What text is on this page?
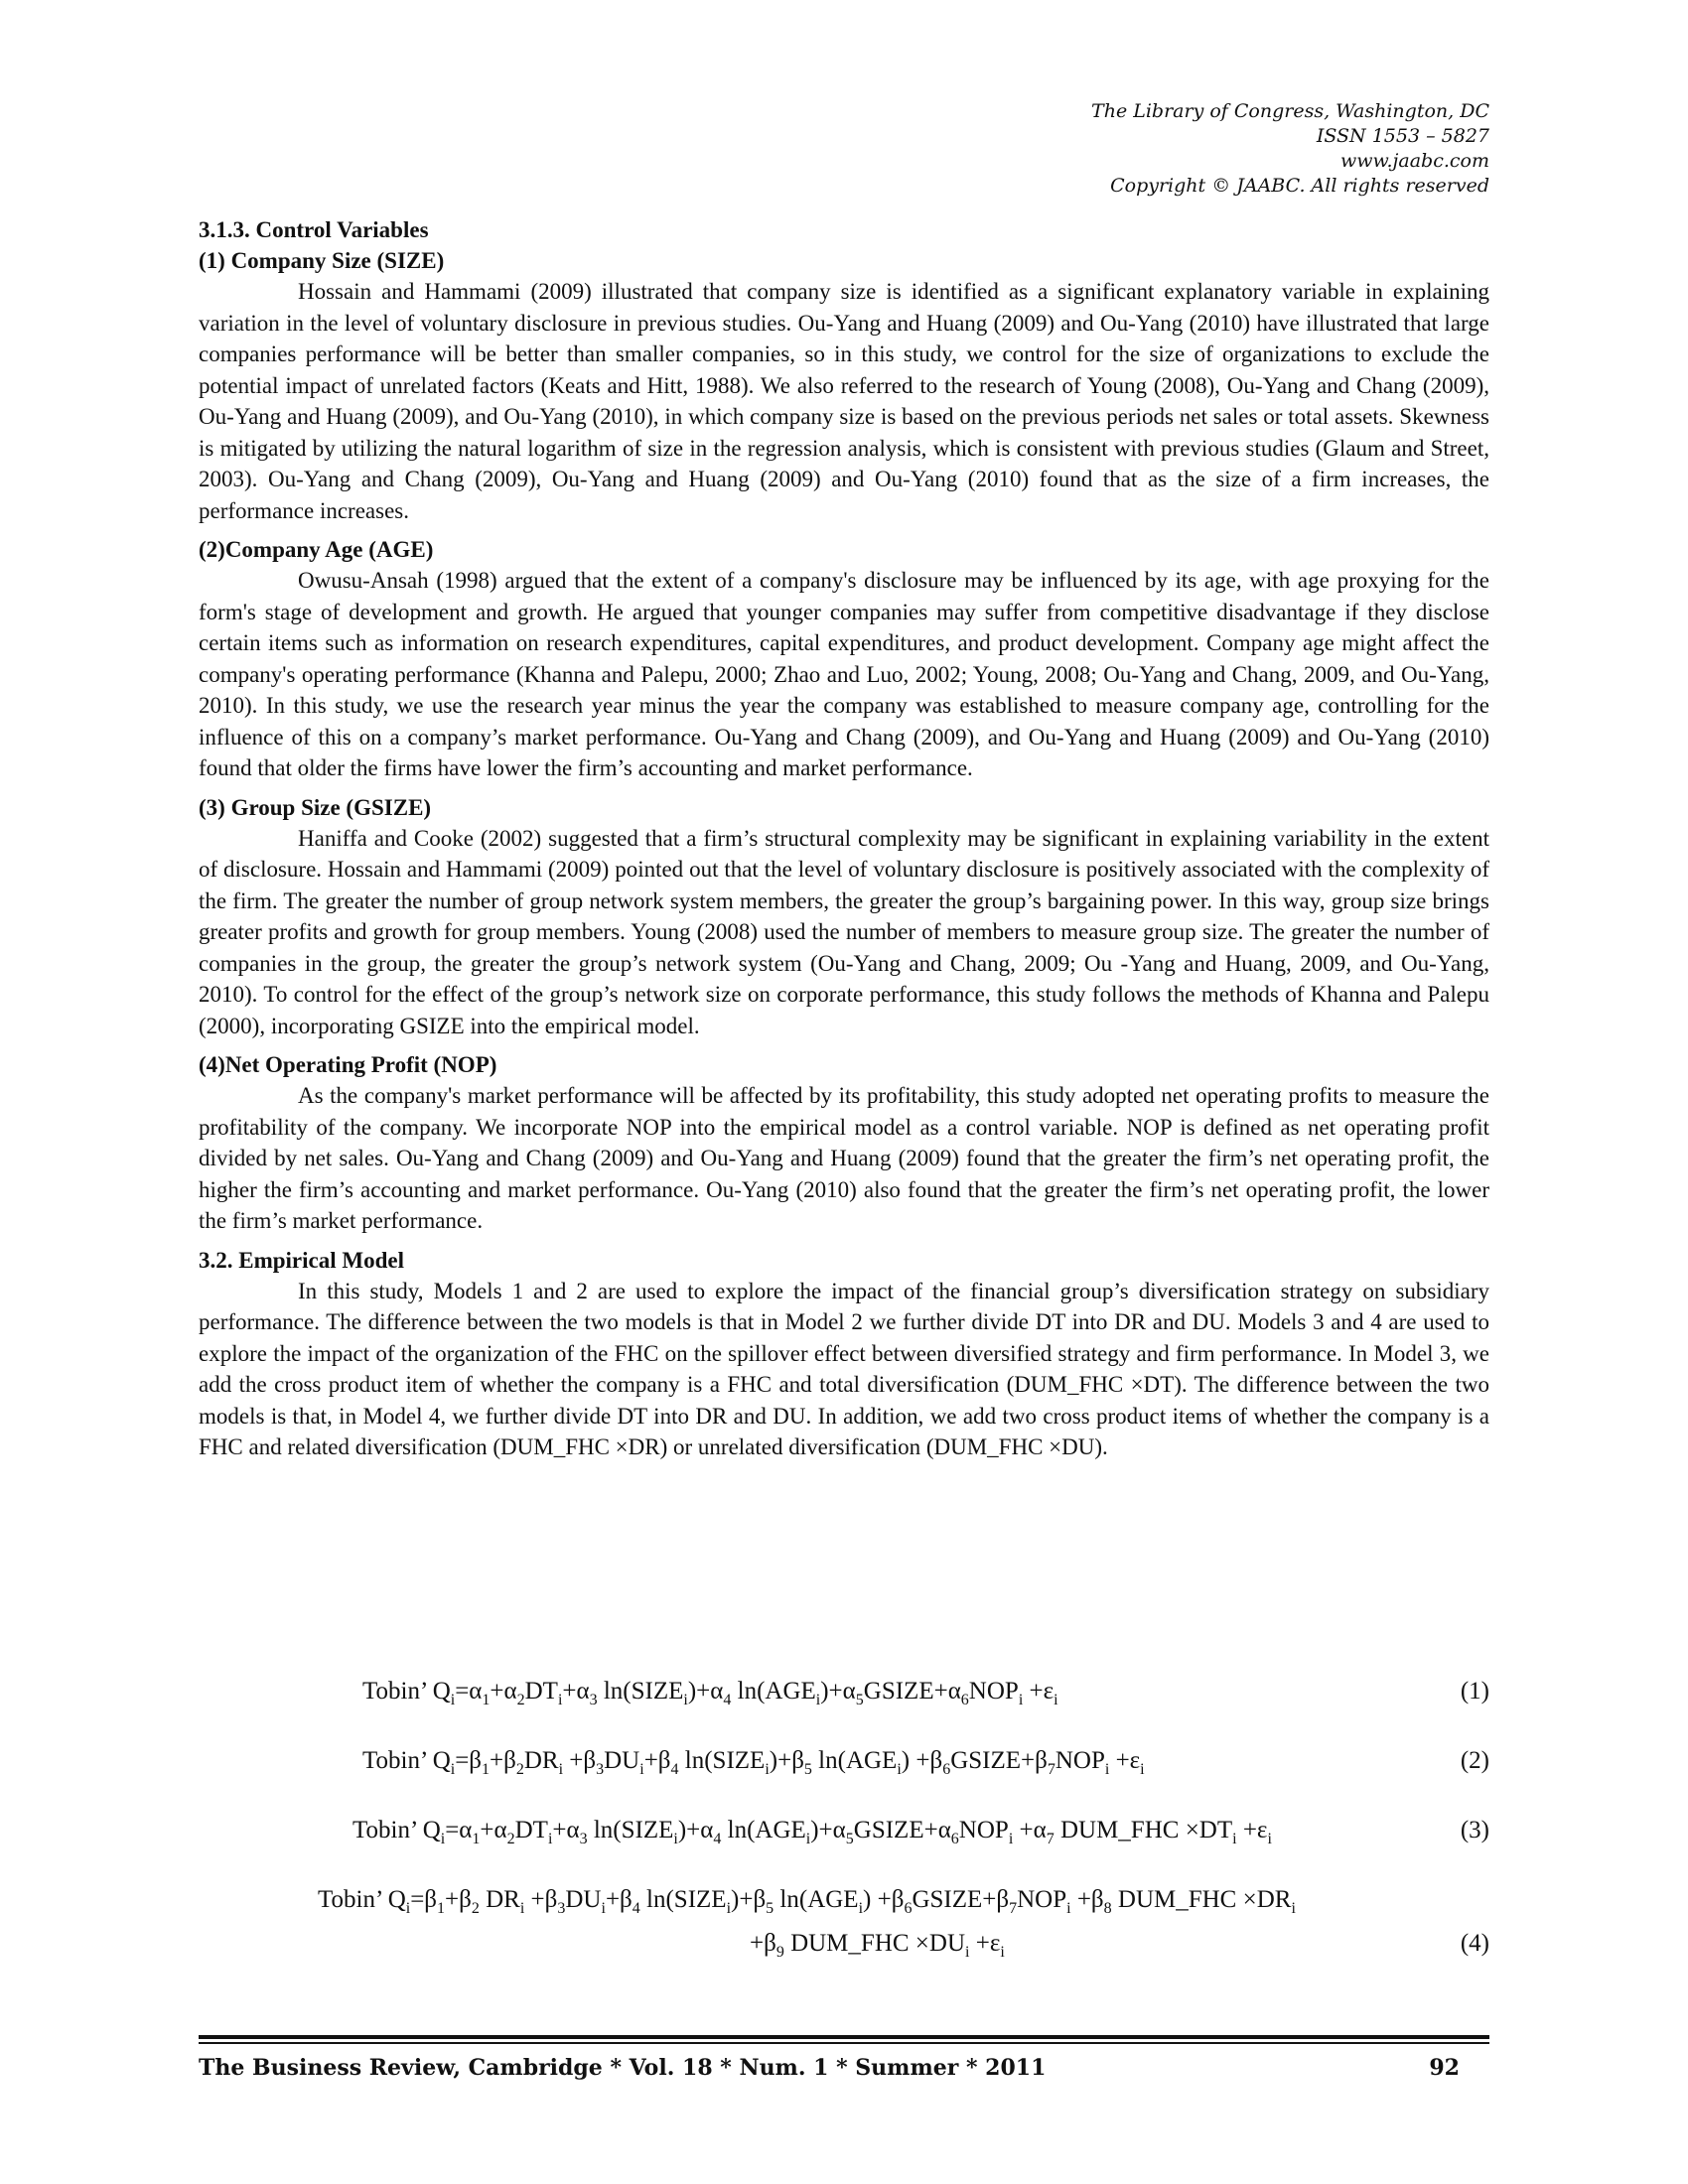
The Library of Congress, Washington, DC
ISSN 1553 – 5827
www.jaabc.com
Copyright © JAABC. All rights reserved
3.1.3. Control Variables
(1) Company Size (SIZE)

Hossain and Hammami (2009) illustrated that company size is identified as a significant explanatory variable in explaining variation in the level of voluntary disclosure in previous studies. Ou-Yang and Huang (2009) and Ou-Yang (2010) have illustrated that large companies performance will be better than smaller companies, so in this study, we control for the size of organizations to exclude the potential impact of unrelated factors (Keats and Hitt, 1988). We also referred to the research of Young (2008), Ou-Yang and Chang (2009), Ou-Yang and Huang (2009), and Ou-Yang (2010), in which company size is based on the previous periods net sales or total assets. Skewness is mitigated by utilizing the natural logarithm of size in the regression analysis, which is consistent with previous studies (Glaum and Street, 2003). Ou-Yang and Chang (2009), Ou-Yang and Huang (2009) and Ou-Yang (2010) found that as the size of a firm increases, the performance increases.

(2)Company Age (AGE)

Owusu-Ansah (1998) argued that the extent of a company's disclosure may be influenced by its age, with age proxying for the form's stage of development and growth. He argued that younger companies may suffer from competitive disadvantage if they disclose certain items such as information on research expenditures, capital expenditures, and product development. Company age might affect the company's operating performance (Khanna and Palepu, 2000; Zhao and Luo, 2002; Young, 2008; Ou-Yang and Chang, 2009, and Ou-Yang, 2010). In this study, we use the research year minus the year the company was established to measure company age, controlling for the influence of this on a company’s market performance. Ou-Yang and Chang (2009), and Ou-Yang and Huang (2009) and Ou-Yang (2010) found that older the firms have lower the firm’s accounting and market performance.

(3) Group Size (GSIZE)

Haniffa and Cooke (2002) suggested that a firm’s structural complexity may be significant in explaining variability in the extent of disclosure. Hossain and Hammami (2009) pointed out that the level of voluntary disclosure is positively associated with the complexity of the firm. The greater the number of group network system members, the greater the group’s bargaining power. In this way, group size brings greater profits and growth for group members. Young (2008) used the number of members to measure group size. The greater the number of companies in the group, the greater the group’s network system (Ou-Yang and Chang, 2009; Ou -Yang and Huang, 2009, and Ou-Yang, 2010). To control for the effect of the group’s network size on corporate performance, this study follows the methods of Khanna and Palepu (2000), incorporating GSIZE into the empirical model.

(4)Net Operating Profit (NOP)

As the company's market performance will be affected by its profitability, this study adopted net operating profits to measure the profitability of the company. We incorporate NOP into the empirical model as a control variable. NOP is defined as net operating profit divided by net sales. Ou-Yang and Chang (2009) and Ou-Yang and Huang (2009) found that the greater the firm’s net operating profit, the higher the firm’s accounting and market performance. Ou-Yang (2010) also found that the greater the firm’s net operating profit, the lower the firm’s market performance.

3.2. Empirical Model

In this study, Models 1 and 2 are used to explore the impact of the financial group’s diversification strategy on subsidiary performance. The difference between the two models is that in Model 2 we further divide DT into DR and DU. Models 3 and 4 are used to explore the impact of the organization of the FHC on the spillover effect between diversified strategy and firm performance. In Model 3, we add the cross product item of whether the company is a FHC and total diversification (DUM_FHC ×DT). The difference between the two models is that, in Model 4, we further divide DT into DR and DU. In addition, we add two cross product items of whether the company is a FHC and related diversification (DUM_FHC ×DR) or unrelated diversification (DUM_FHC ×DU).

Tobin’ $Q_i=\alpha_1+\alpha_2DT_i+\alpha_3$ $\ln(SIZE_i)+\alpha_4$ $\ln(AGE_i)+\alpha_5GSIZE+\alpha_6NOP_i +\varepsilon_i$	(1)
Tobin’ $Q_i=\beta_1+\beta_2DR_i +\beta_3DU_i+\beta_4$ $\ln(SIZE_i)+\beta_5$ $\ln(AGE_i)$ $+\beta_6GSIZE+\beta_7NOP_i +\varepsilon_i$	(2)
Tobin’ $Q_i=\alpha_1+\alpha_2DT_i+\alpha_3$ $\ln(SIZE_i)+\alpha_4$ $\ln(AGE_i)+\alpha_5GSIZE+\alpha_6NOP_i +\alpha_7$ DUM_FHC $\times DT_i +\varepsilon_i$	(3)
Tobin’ $Q_i=\beta_1+\beta_2$ $DR_i +\beta_3DU_i+\beta_4$ $\ln(SIZE_i)+\beta_5$ $\ln(AGE_i)$ $+\beta_6GSIZE+\beta_7NOP_i +\beta_8$ DUM_FHC $\times DR_i$
$+\beta_9$ DUM_FHC $\times DU_i +\varepsilon_i$	(4)
The Business Review, Cambridge * Vol. 18 * Num. 1 * Summer * 2011	92
